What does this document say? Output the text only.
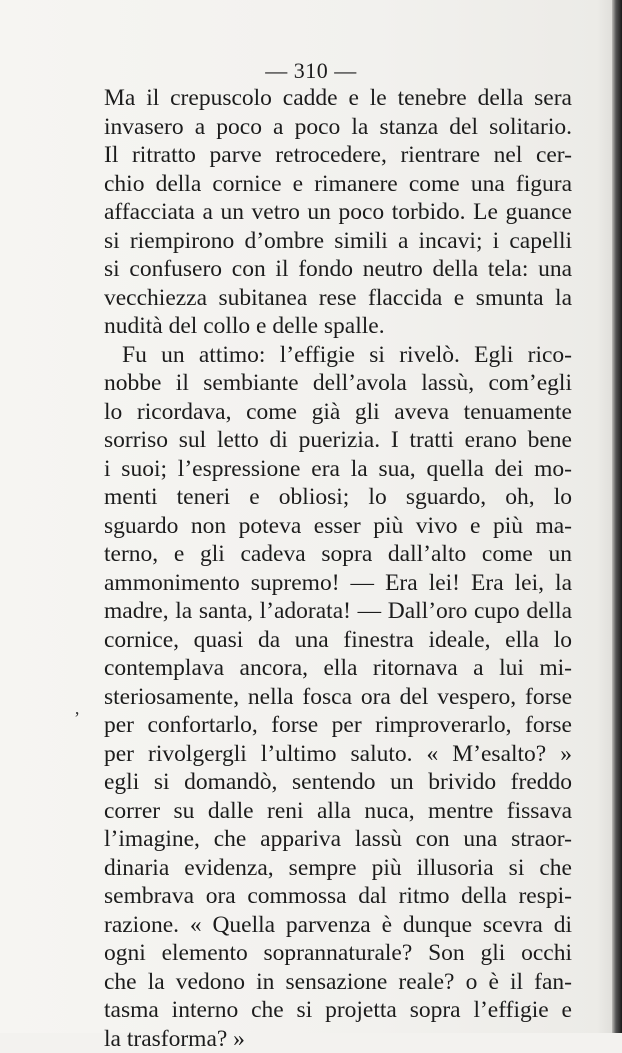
— 310 —
’
Ma il crepuscolo cadde e le tenebre della sera
invasero a poco a poco la stanza del solitario.
Il ritratto parve retrocedere, rientrare nel cer-
chio della cornice e rimanere come una figura
affacciata a un vetro un poco torbido. Le guance
si riempirono d’ombre simili a incavi; i capelli
si confusero con il fondo neutro della tela: una
vecchiezza subitanea rese flaccida e smunta la
nudità del collo e delle spalle.
Fu un attimo: l’effigie si rivelò. Egli rico-
nobbe il sembiante dell’avola lassù, com’egli
lo ricordava, come già gli aveva tenuamente
sorriso sul letto di puerizia. I tratti erano bene
i suoi; l’espressione era la sua, quella dei mo-
menti teneri e obliosi; lo sguardo, oh, lo
sguardo non poteva esser più vivo e più ma-
terno, e gli cadeva sopra dall’alto come un
ammonimento supremo! — Era lei! Era lei, la
madre, la santa, l’adorata! — Dall’oro cupo della
cornice, quasi da una finestra ideale, ella lo
contemplava ancora, ella ritornava a lui mi-
steriosamente, nella fosca ora del vespero, forse
per confortarlo, forse per rimproverarlo, forse
per rivolgergli l’ultimo saluto. « M’esalto? »
egli si domandò, sentendo un brivido freddo
correr su dalle reni alla nuca, mentre fissava
l’imagine, che appariva lassù con una straor-
dinaria evidenza, sempre più illusoria si che
sembrava ora commossa dal ritmo della respi-
razione. « Quella parvenza è dunque scevra di
ogni elemento soprannaturale? Son gli occhi
che la vedono in sensazione reale? o è il fan-
tasma interno che si projetta sopra l’effigie e
la trasforma? »
